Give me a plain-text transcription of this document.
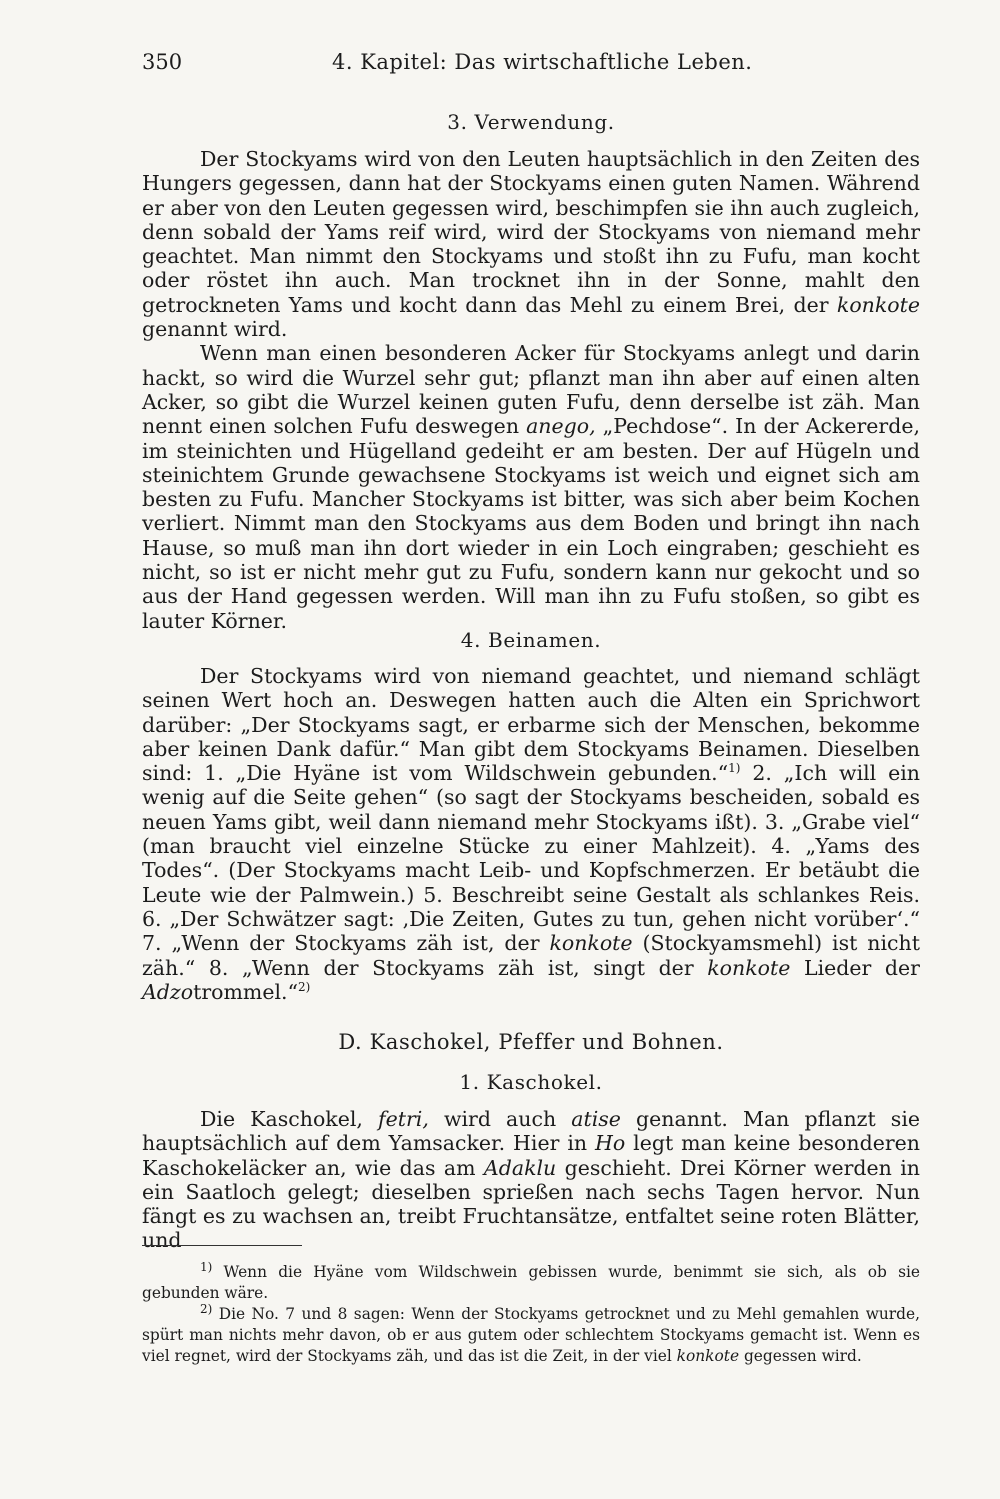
350	4. Kapitel: Das wirtschaftliche Leben.
3. Verwendung.

Der Stockyams wird von den Leuten hauptsächlich in den Zeiten des Hungers gegessen, dann hat der Stockyams einen guten Namen. Während er aber von den Leuten gegessen wird, beschimpfen sie ihn auch zugleich, denn sobald der Yams reif wird, wird der Stockyams von niemand mehr geachtet. Man nimmt den Stockyams und stoßt ihn zu Fufu, man kocht oder röstet ihn auch. Man trocknet ihn in der Sonne, mahlt den getrockneten Yams und kocht dann das Mehl zu einem Brei, der konkote genannt wird.

Wenn man einen besonderen Acker für Stockyams anlegt und darin hackt, so wird die Wurzel sehr gut; pflanzt man ihn aber auf einen alten Acker, so gibt die Wurzel keinen guten Fufu, denn derselbe ist zäh. Man nennt einen solchen Fufu deswegen anego, „Pechdose“. In der Ackererde, im steinichten und Hügelland gedeiht er am besten. Der auf Hügeln und steinichtem Grunde gewachsene Stockyams ist weich und eignet sich am besten zu Fufu. Mancher Stockyams ist bitter, was sich aber beim Kochen verliert. Nimmt man den Stockyams aus dem Boden und bringt ihn nach Hause, so muß man ihn dort wieder in ein Loch eingraben; geschieht es nicht, so ist er nicht mehr gut zu Fufu, sondern kann nur gekocht und so aus der Hand gegessen werden. Will man ihn zu Fufu stoßen, so gibt es lauter Körner.

4. Beinamen.

Der Stockyams wird von niemand geachtet, und niemand schlägt seinen Wert hoch an. Deswegen hatten auch die Alten ein Sprichwort darüber: „Der Stockyams sagt, er erbarme sich der Menschen, bekomme aber keinen Dank dafür.“ Man gibt dem Stockyams Beinamen. Dieselben sind: 1. „Die Hyäne ist vom Wildschwein gebunden.“$^{1)}$ 2. „Ich will ein wenig auf die Seite gehen“ (so sagt der Stockyams bescheiden, sobald es neuen Yams gibt, weil dann niemand mehr Stockyams ißt). 3. „Grabe viel“ (man braucht viel einzelne Stücke zu einer Mahlzeit). 4. „Yams des Todes“. (Der Stockyams macht Leib- und Kopfschmerzen. Er betäubt die Leute wie der Palmwein.) 5. Beschreibt seine Gestalt als schlankes Reis. 6. „Der Schwätzer sagt: ‚Die Zeiten, Gutes zu tun, gehen nicht vorüber‘.“ 7. „Wenn der Stockyams zäh ist, der konkote (Stockyamsmehl) ist nicht zäh.“ 8. „Wenn der Stockyams zäh ist, singt der konkote Lieder der Adzotrommel.“$^{2)}$

D. Kaschokel, Pfeffer und Bohnen.
1. Kaschokel.

Die Kaschokel, fetri, wird auch atise genannt. Man pflanzt sie hauptsächlich auf dem Yamsacker. Hier in Ho legt man keine besonderen Kaschokeläcker an, wie das am Adaklu geschieht. Drei Körner werden in ein Saatloch gelegt; dieselben sprießen nach sechs Tagen hervor. Nun fängt es zu wachsen an, treibt Fruchtansätze, entfaltet seine roten Blätter, und

$^{1)}$ Wenn die Hyäne vom Wildschwein gebissen wurde, benimmt sie sich, als ob sie gebunden wäre.

$^{2)}$ Die No. 7 und 8 sagen: Wenn der Stockyams getrocknet und zu Mehl gemahlen wurde, spürt man nichts mehr davon, ob er aus gutem oder schlechtem Stockyams gemacht ist. Wenn es viel regnet, wird der Stockyams zäh, und das ist die Zeit, in der viel konkote gegessen wird.
